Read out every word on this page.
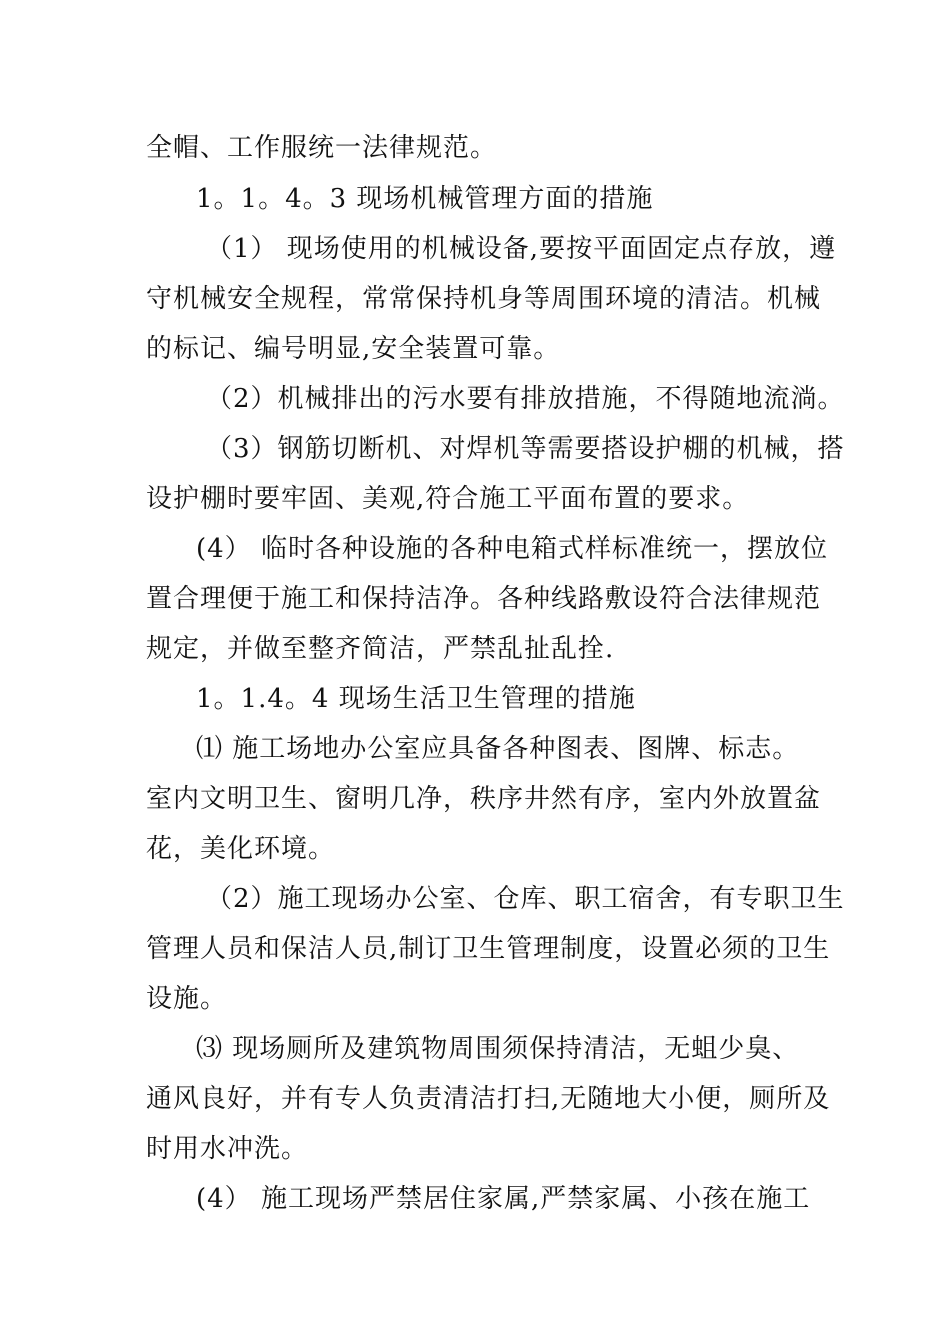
全帽、工作服统一法律规范。
1。1。4。3 现场机械管理方面的措施
（1） 现场使用的机械设备,要按平面固定点存放，遵
守机械安全规程，常常保持机身等周围环境的清洁。机械
的标记、编号明显,安全装置可靠。
（2）机械排出的污水要有排放措施，不得随地流淌。
（3）钢筋切断机、对焊机等需要搭设护棚的机械，搭
设护棚时要牢固、美观,符合施工平面布置的要求。
(4） 临时各种设施的各种电箱式样标准统一，摆放位
置合理便于施工和保持洁净。各种线路敷设符合法律规范
规定，并做至整齐简洁，严禁乱扯乱拴.
1。1.4。4 现场生活卫生管理的措施
⑴ 施工场地办公室应具备各种图表、图牌、标志。
室内文明卫生、窗明几净，秩序井然有序，室内外放置盆
花，美化环境。
（2）施工现场办公室、仓库、职工宿舍，有专职卫生
管理人员和保洁人员,制订卫生管理制度，设置必须的卫生
设施。
⑶ 现场厕所及建筑物周围须保持清洁，无蛆少臭、
通风良好，并有专人负责清洁打扫,无随地大小便，厕所及
时用水冲洗。
(4） 施工现场严禁居住家属,严禁家属、小孩在施工
